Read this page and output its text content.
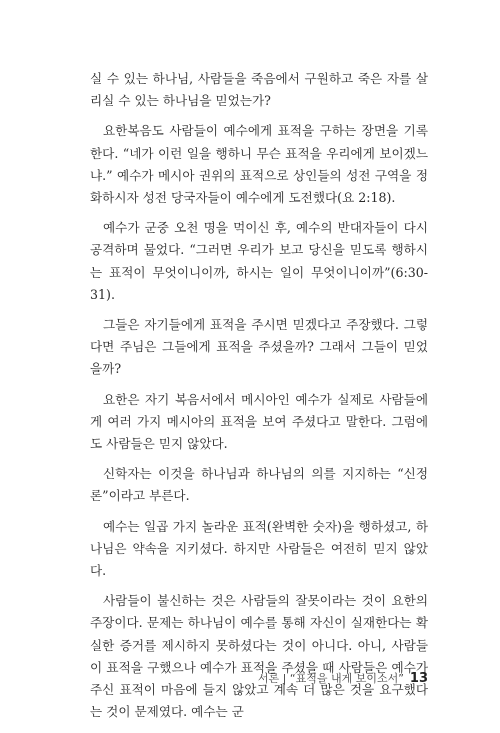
실 수 있는 하나님, 사람들을 죽음에서 구원하고 죽은 자를 살리실 수 있는 하나님을 믿었는가?

요한복음도 사람들이 예수에게 표적을 구하는 장면을 기록한다. “네가 이런 일을 행하니 무슨 표적을 우리에게 보이겠느냐.” 예수가 메시아 권위의 표적으로 상인들의 성전 구역을 정화하시자 성전 당국자들이 예수에게 도전했다(요 2:18).

예수가 군중 오천 명을 먹이신 후, 예수의 반대자들이 다시 공격하며 물었다. “그러면 우리가 보고 당신을 믿도록 행하시는 표적이 무엇이니이까, 하시는 일이 무엇이니이까”(6:30-31).

그들은 자기들에게 표적을 주시면 믿겠다고 주장했다. 그렇다면 주님은 그들에게 표적을 주셨을까? 그래서 그들이 믿었을까?

요한은 자기 복음서에서 메시아인 예수가 실제로 사람들에게 여러 가지 메시아의 표적을 보여 주셨다고 말한다. 그럼에도 사람들은 믿지 않았다.

신학자는 이것을 하나님과 하나님의 의를 지지하는 “신정론”이라고 부른다.

예수는 일곱 가지 놀라운 표적(완벽한 숫자)을 행하셨고, 하나님은 약속을 지키셨다. 하지만 사람들은 여전히 믿지 않았다.

사람들이 불신하는 것은 사람들의 잘못이라는 것이 요한의 주장이다. 문제는 하나님이 예수를 통해 자신이 실재한다는 확실한 증거를 제시하지 못하셨다는 것이 아니다. 아니, 사람들이 표적을 구했으나 예수가 표적을 주셨을 때 사람들은 예수가 주신 표적이 마음에 들지 않았고 계속 더 많은 것을 요구했다는 것이 문제였다. 예수는 군

서론 | “표적을 내게 보이소서” 13
